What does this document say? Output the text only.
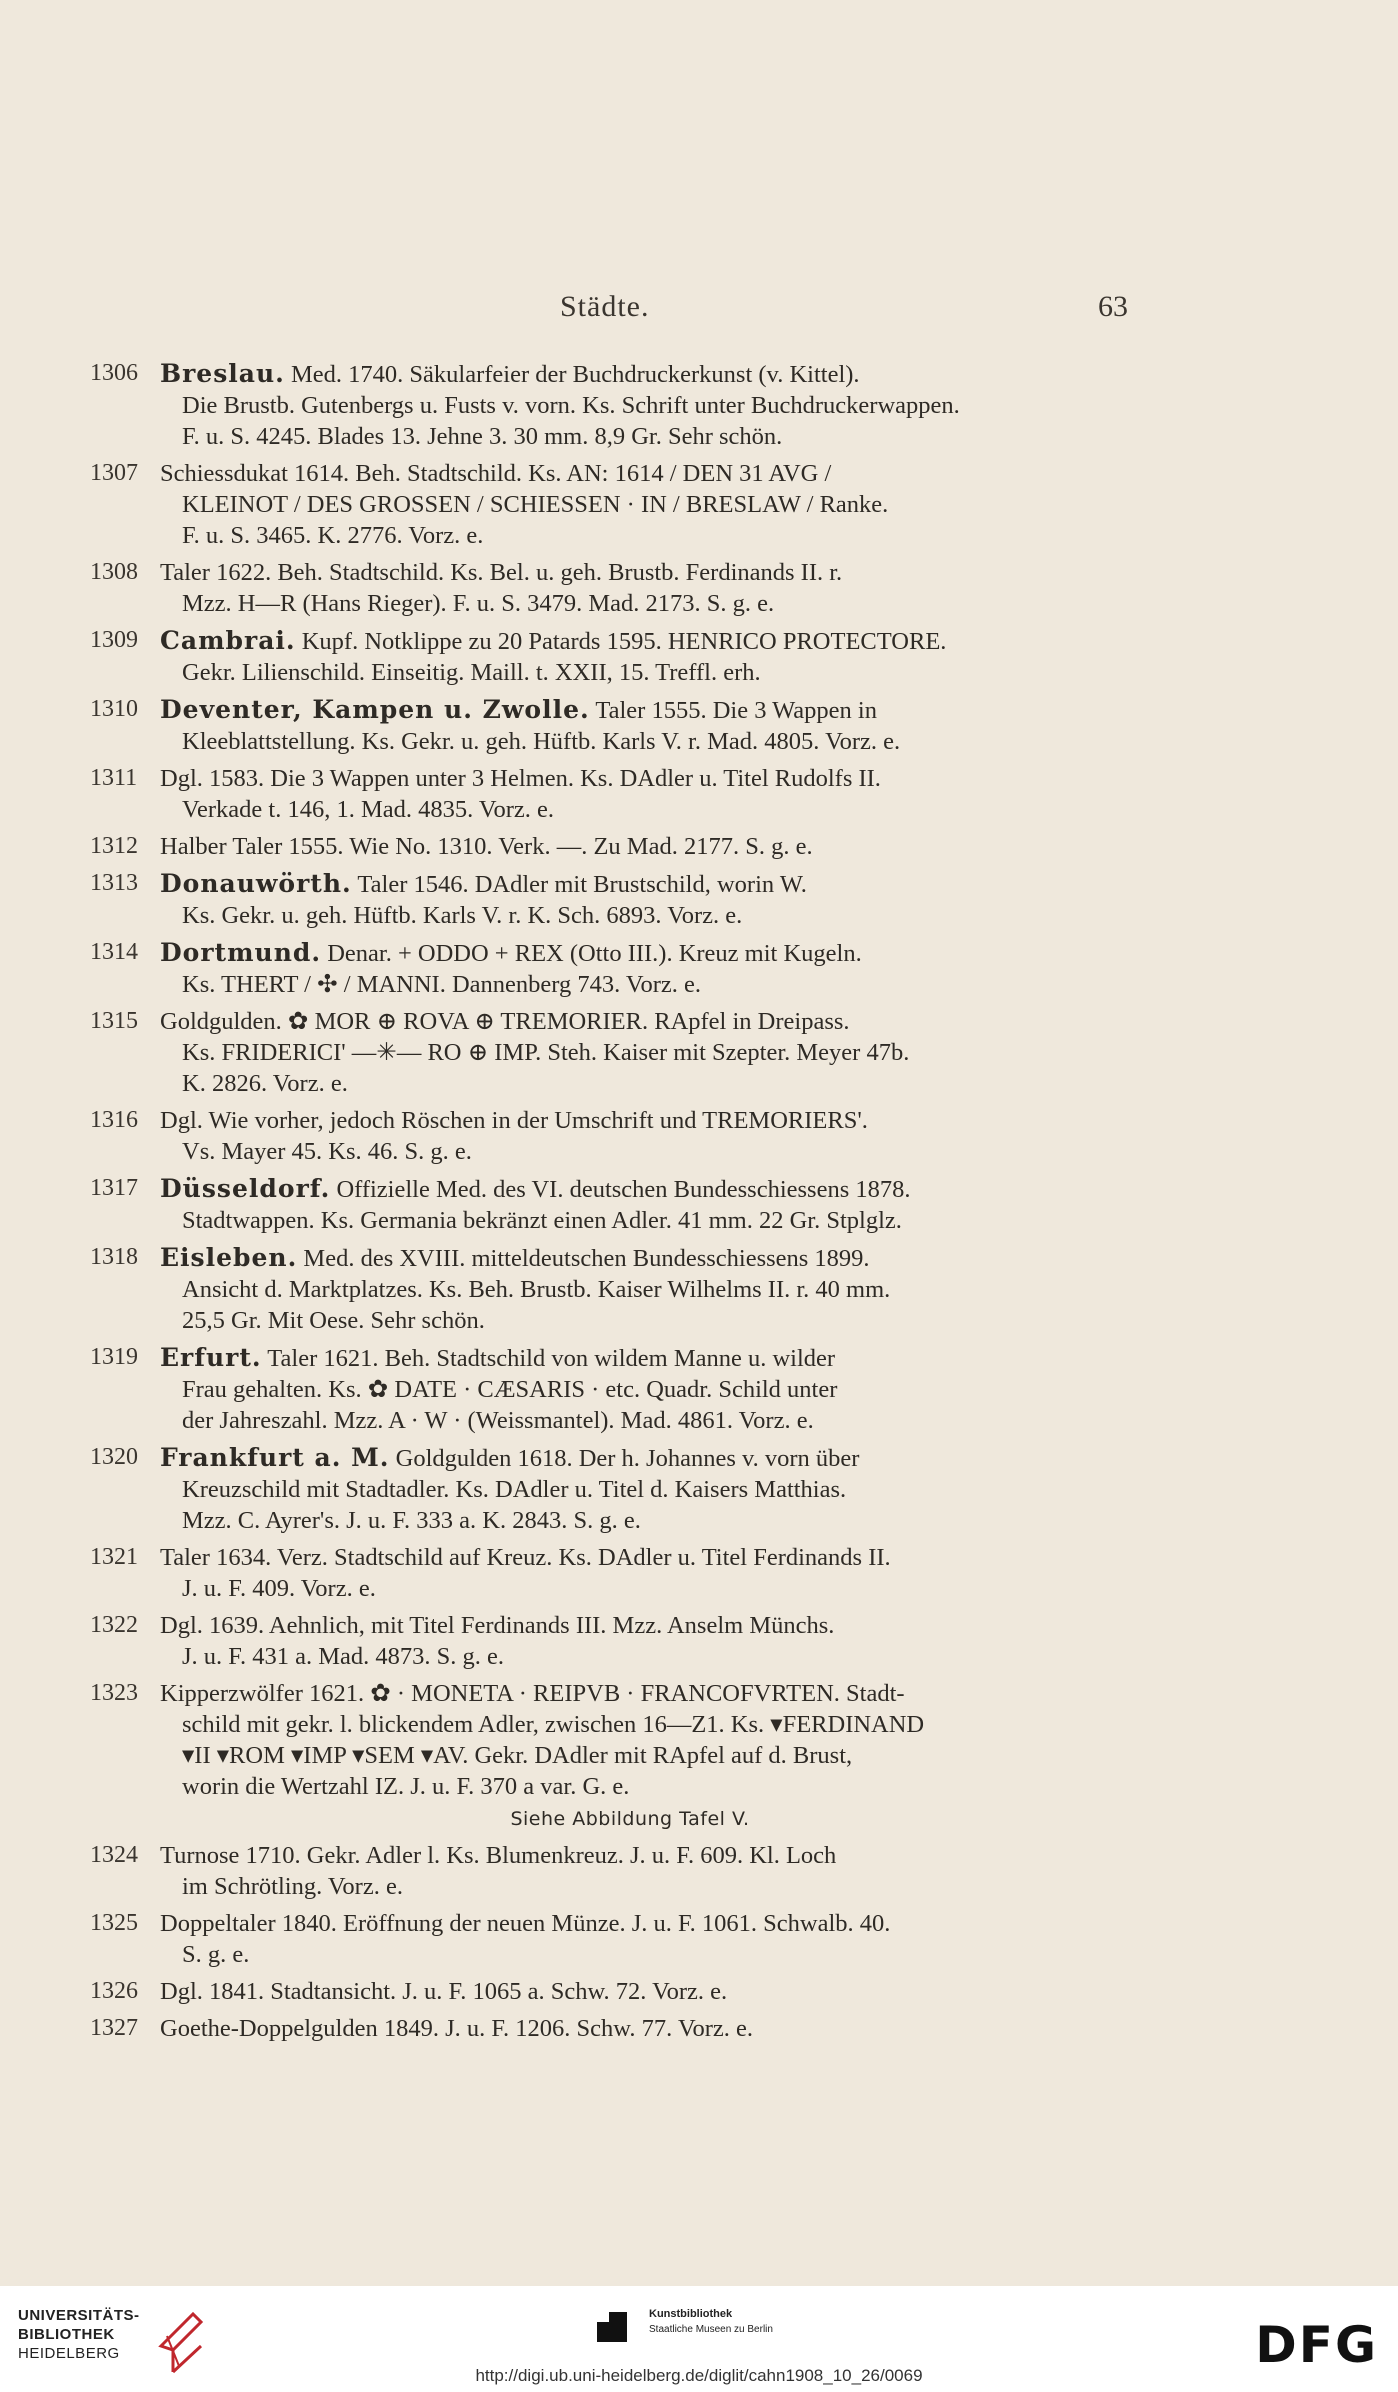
Städte.	63
1306 Breslau. Med. 1740. Säkularfeier der Buchdruckerkunst (v. Kittel).
Die Brustb. Gutenbergs u. Fusts v. vorn. Ks. Schrift unter Buchdruckerwappen.
F. u. S. 4245. Blades 13. Jehne 3. 30 mm. 8,9 Gr. Sehr schön.
1307 Schiessdukat 1614. Beh. Stadtschild. Ks. AN: 1614 / DEN 31 AVG /
KLEINOT / DES GROSSEN / SCHIESSEN · IN / BRESLAW / Ranke.
F. u. S. 3465. K. 2776. Vorz. e.
1308 Taler 1622. Beh. Stadtschild. Ks. Bel. u. geh. Brustb. Ferdinands II. r.
Mzz. H—R (Hans Rieger). F. u. S. 3479. Mad. 2173. S. g. e.
1309 Cambrai. Kupf. Notklippe zu 20 Patards 1595. HENRICO PROTECTORE.
Gekr. Lilienschild. Einseitig. Maill. t. XXII, 15. Treffl. erh.
1310 Deventer, Kampen u. Zwolle. Taler 1555. Die 3 Wappen in
Kleeblattstellung. Ks. Gekr. u. geh. Hüftb. Karls V. r. Mad. 4805. Vorz. e.
1311 Dgl. 1583. Die 3 Wappen unter 3 Helmen. Ks. DAdler u. Titel Rudolfs II.
Verkade t. 146, 1. Mad. 4835. Vorz. e.
1312 Halber Taler 1555. Wie No. 1310. Verk. —. Zu Mad. 2177. S. g. e.
1313 Donauwörth. Taler 1546. DAdler mit Brustschild, worin W.
Ks. Gekr. u. geh. Hüftb. Karls V. r. K. Sch. 6893. Vorz. e.
1314 Dortmund. Denar. + ODDO + REX (Otto III.). Kreuz mit Kugeln.
Ks. THERT / ✣ / MANNI. Dannenberg 743. Vorz. e.
1315 Goldgulden. ✿ MOR ⊕ ROVA ⊕ TREMORIER. RApfel in Dreipass.
Ks. FRIDERICI' —✳— RO ⊕ IMP. Steh. Kaiser mit Szepter. Meyer 47b.
K. 2826. Vorz. e.
1316 Dgl. Wie vorher, jedoch Röschen in der Umschrift und TREMORIERS'.
Vs. Mayer 45. Ks. 46. S. g. e.
1317 Düsseldorf. Offizielle Med. des VI. deutschen Bundesschiessens 1878.
Stadtwappen. Ks. Germania bekränzt einen Adler. 41 mm. 22 Gr. Stplglz.
1318 Eisleben. Med. des XVIII. mitteldeutschen Bundesschiessens 1899.
Ansicht d. Marktplatzes. Ks. Beh. Brustb. Kaiser Wilhelms II. r. 40 mm.
25,5 Gr. Mit Oese. Sehr schön.
1319 Erfurt. Taler 1621. Beh. Stadtschild von wildem Manne u. wilder
Frau gehalten. Ks. ✿ DATE · CÆSARIS · etc. Quadr. Schild unter
der Jahreszahl. Mzz. A · W · (Weissmantel). Mad. 4861. Vorz. e.
1320 Frankfurt a. M. Goldgulden 1618. Der h. Johannes v. vorn über
Kreuzschild mit Stadtadler. Ks. DAdler u. Titel d. Kaisers Matthias.
Mzz. C. Ayrer's. J. u. F. 333 a. K. 2843. S. g. e.
1321 Taler 1634. Verz. Stadtschild auf Kreuz. Ks. DAdler u. Titel Ferdinands II.
J. u. F. 409. Vorz. e.
1322 Dgl. 1639. Aehnlich, mit Titel Ferdinands III. Mzz. Anselm Münchs.
J. u. F. 431 a. Mad. 4873. S. g. e.
1323 Kipperzwölfer 1621. ✿ · MONETA · REIPVB · FRANCOFVRTEN. Stadt-
schild mit gekr. l. blickendem Adler, zwischen 16—Z1. Ks. ▾FERDINAND
▾II ▾ROM ▾IMP ▾SEM ▾AV. Gekr. DAdler mit RApfel auf d. Brust,
worin die Wertzahl IZ. J. u. F. 370 a var. G. e.
Siehe Abbildung Tafel V.
1324 Turnose 1710. Gekr. Adler l. Ks. Blumenkreuz. J. u. F. 609. Kl. Loch
im Schrötling. Vorz. e.
1325 Doppeltaler 1840. Eröffnung der neuen Münze. J. u. F. 1061. Schwalb. 40.
S. g. e.
1326 Dgl. 1841. Stadtansicht. J. u. F. 1065 a. Schw. 72. Vorz. e.
1327 Goethe-Doppelgulden 1849. J. u. F. 1206. Schw. 77. Vorz. e.
UNIVERSITÄTS-
BIBLIOTHEK
HEIDELBERG
Kunstbibliothek
Staatliche Museen zu Berlin	DFG
http://digi.ub.uni-heidelberg.de/diglit/cahn1908_10_26/0069
